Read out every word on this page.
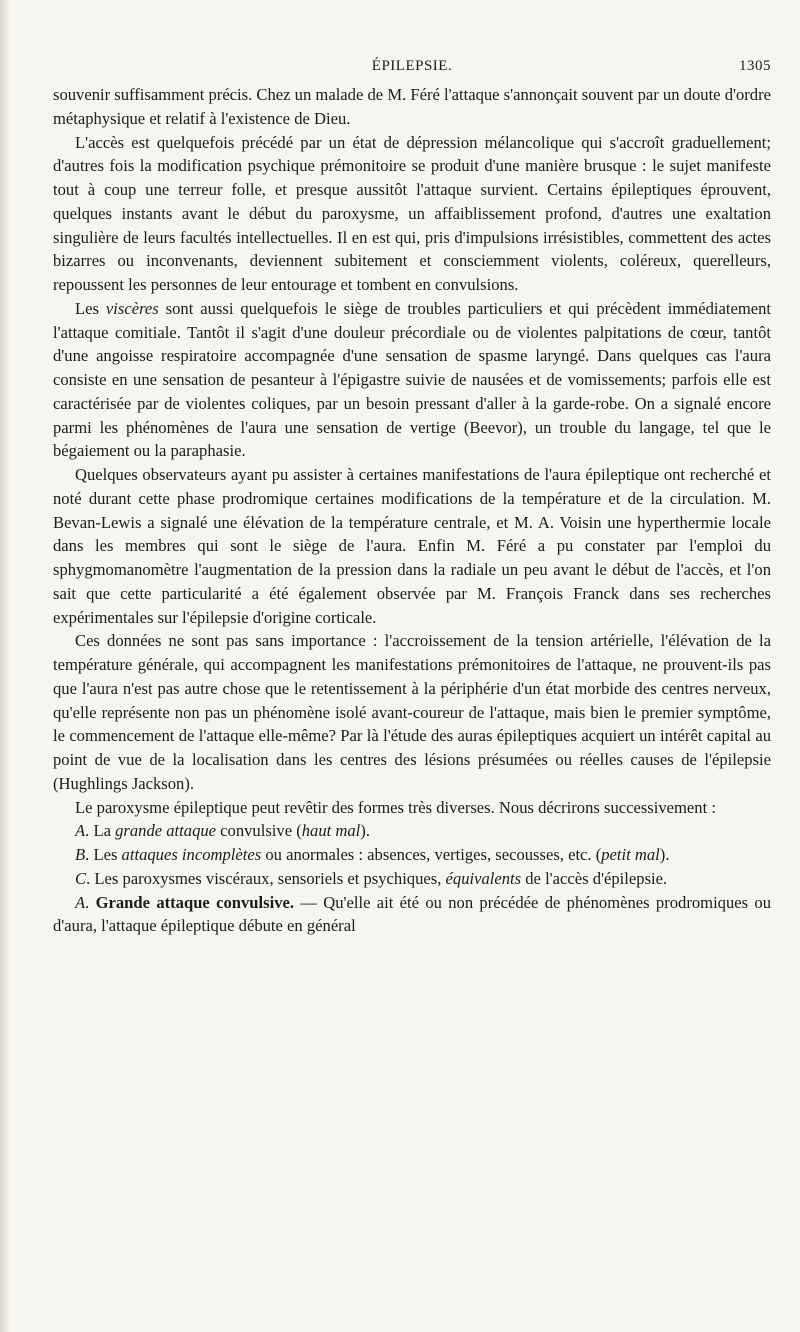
ÉPILEPSIE.	1305

souvenir suffisamment précis. Chez un malade de M. Féré l'attaque s'annonçait souvent par un doute d'ordre métaphysique et relatif à l'existence de Dieu.

L'accès est quelquefois précédé par un état de dépression mélancolique qui s'accroît graduellement; d'autres fois la modification psychique prémonitoire se produit d'une manière brusque : le sujet manifeste tout à coup une terreur folle, et presque aussitôt l'attaque survient. Certains épileptiques éprouvent, quelques instants avant le début du paroxysme, un affaiblissement profond, d'autres une exaltation singulière de leurs facultés intellectuelles. Il en est qui, pris d'impulsions irrésistibles, commettent des actes bizarres ou inconvenants, deviennent subitement et consciemment violents, coléreux, querelleurs, repoussent les personnes de leur entourage et tombent en convulsions.

Les viscères sont aussi quelquefois le siège de troubles particuliers et qui précèdent immédiatement l'attaque comitiale. Tantôt il s'agit d'une douleur précordiale ou de violentes palpitations de cœur, tantôt d'une angoisse respiratoire accompagnée d'une sensation de spasme laryngé. Dans quelques cas l'aura consiste en une sensation de pesanteur à l'épigastre suivie de nausées et de vomissements; parfois elle est caractérisée par de violentes coliques, par un besoin pressant d'aller à la garde-robe. On a signalé encore parmi les phénomènes de l'aura une sensation de vertige (Beevor), un trouble du langage, tel que le bégaiement ou la paraphasie.

Quelques observateurs ayant pu assister à certaines manifestations de l'aura épileptique ont recherché et noté durant cette phase prodromique certaines modifications de la température et de la circulation. M. Bevan-Lewis a signalé une élévation de la température centrale, et M. A. Voisin une hyperthermie locale dans les membres qui sont le siège de l'aura. Enfin M. Féré a pu constater par l'emploi du sphygmomanomètre l'augmentation de la pression dans la radiale un peu avant le début de l'accès, et l'on sait que cette particularité a été également observée par M. François Franck dans ses recherches expérimentales sur l'épilepsie d'origine corticale.

Ces données ne sont pas sans importance : l'accroissement de la tension artérielle, l'élévation de la température générale, qui accompagnent les manifestations prémonitoires de l'attaque, ne prouvent-ils pas que l'aura n'est pas autre chose que le retentissement à la périphérie d'un état morbide des centres nerveux, qu'elle représente non pas un phénomène isolé avant-coureur de l'attaque, mais bien le premier symptôme, le commencement de l'attaque elle-même? Par là l'étude des auras épileptiques acquiert un intérêt capital au point de vue de la localisation dans les centres des lésions présumées ou réelles causes de l'épilepsie (Hughlings Jackson).

Le paroxysme épileptique peut revêtir des formes très diverses. Nous décrirons successivement :

A. La grande attaque convulsive (haut mal).

B. Les attaques incomplètes ou anormales : absences, vertiges, secousses, etc. (petit mal).

C. Les paroxysmes viscéraux, sensoriels et psychiques, équivalents de l'accès d'épilepsie.

A. Grande attaque convulsive. — Qu'elle ait été ou non précédée de phénomènes prodromiques ou d'aura, l'attaque épileptique débute en général
